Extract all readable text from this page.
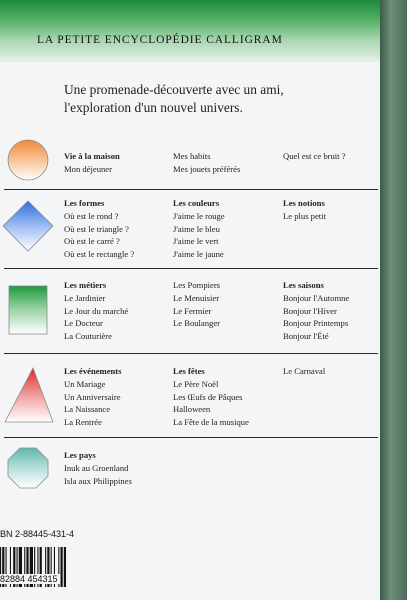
LA PETITE ENCYCLOPÉDIE CALLIGRAM
Une promenade-découverte avec un ami,
l'exploration d'un nouvel univers.
Vie à la maison
Mon déjeuner
Mes habits
Mes jouets préférés
Quel est ce bruit ?
Les formes
Où est le rond ?
Où est le triangle ?
Où est le carré ?
Où est le rectangle ?
Les couleurs
J'aime le rouge
J'aime le bleu
J'aime le vert
J'aime le jaune
Les notions
Le plus petit
Les métiers
Le Jardinier
Le Jour du marché
Le Docteur
La Couturière
Les Pompiers
Le Menuisier
Le Fermier
Le Boulanger
Les saisons
Bonjour l'Automne
Bonjour l'Hiver
Bonjour Printemps
Bonjour l'Été
Les événements
Un Mariage
Un Anniversaire
La Naissance
La Rentrée
Les fêtes
Le Père Noël
Les Œufs de Pâques
Halloween
La Fête de la musique
Le Carnaval
Les pays
Inuk au Groenland
Isla aux Philippines
BN 2-88445-431-4
82884 454315
